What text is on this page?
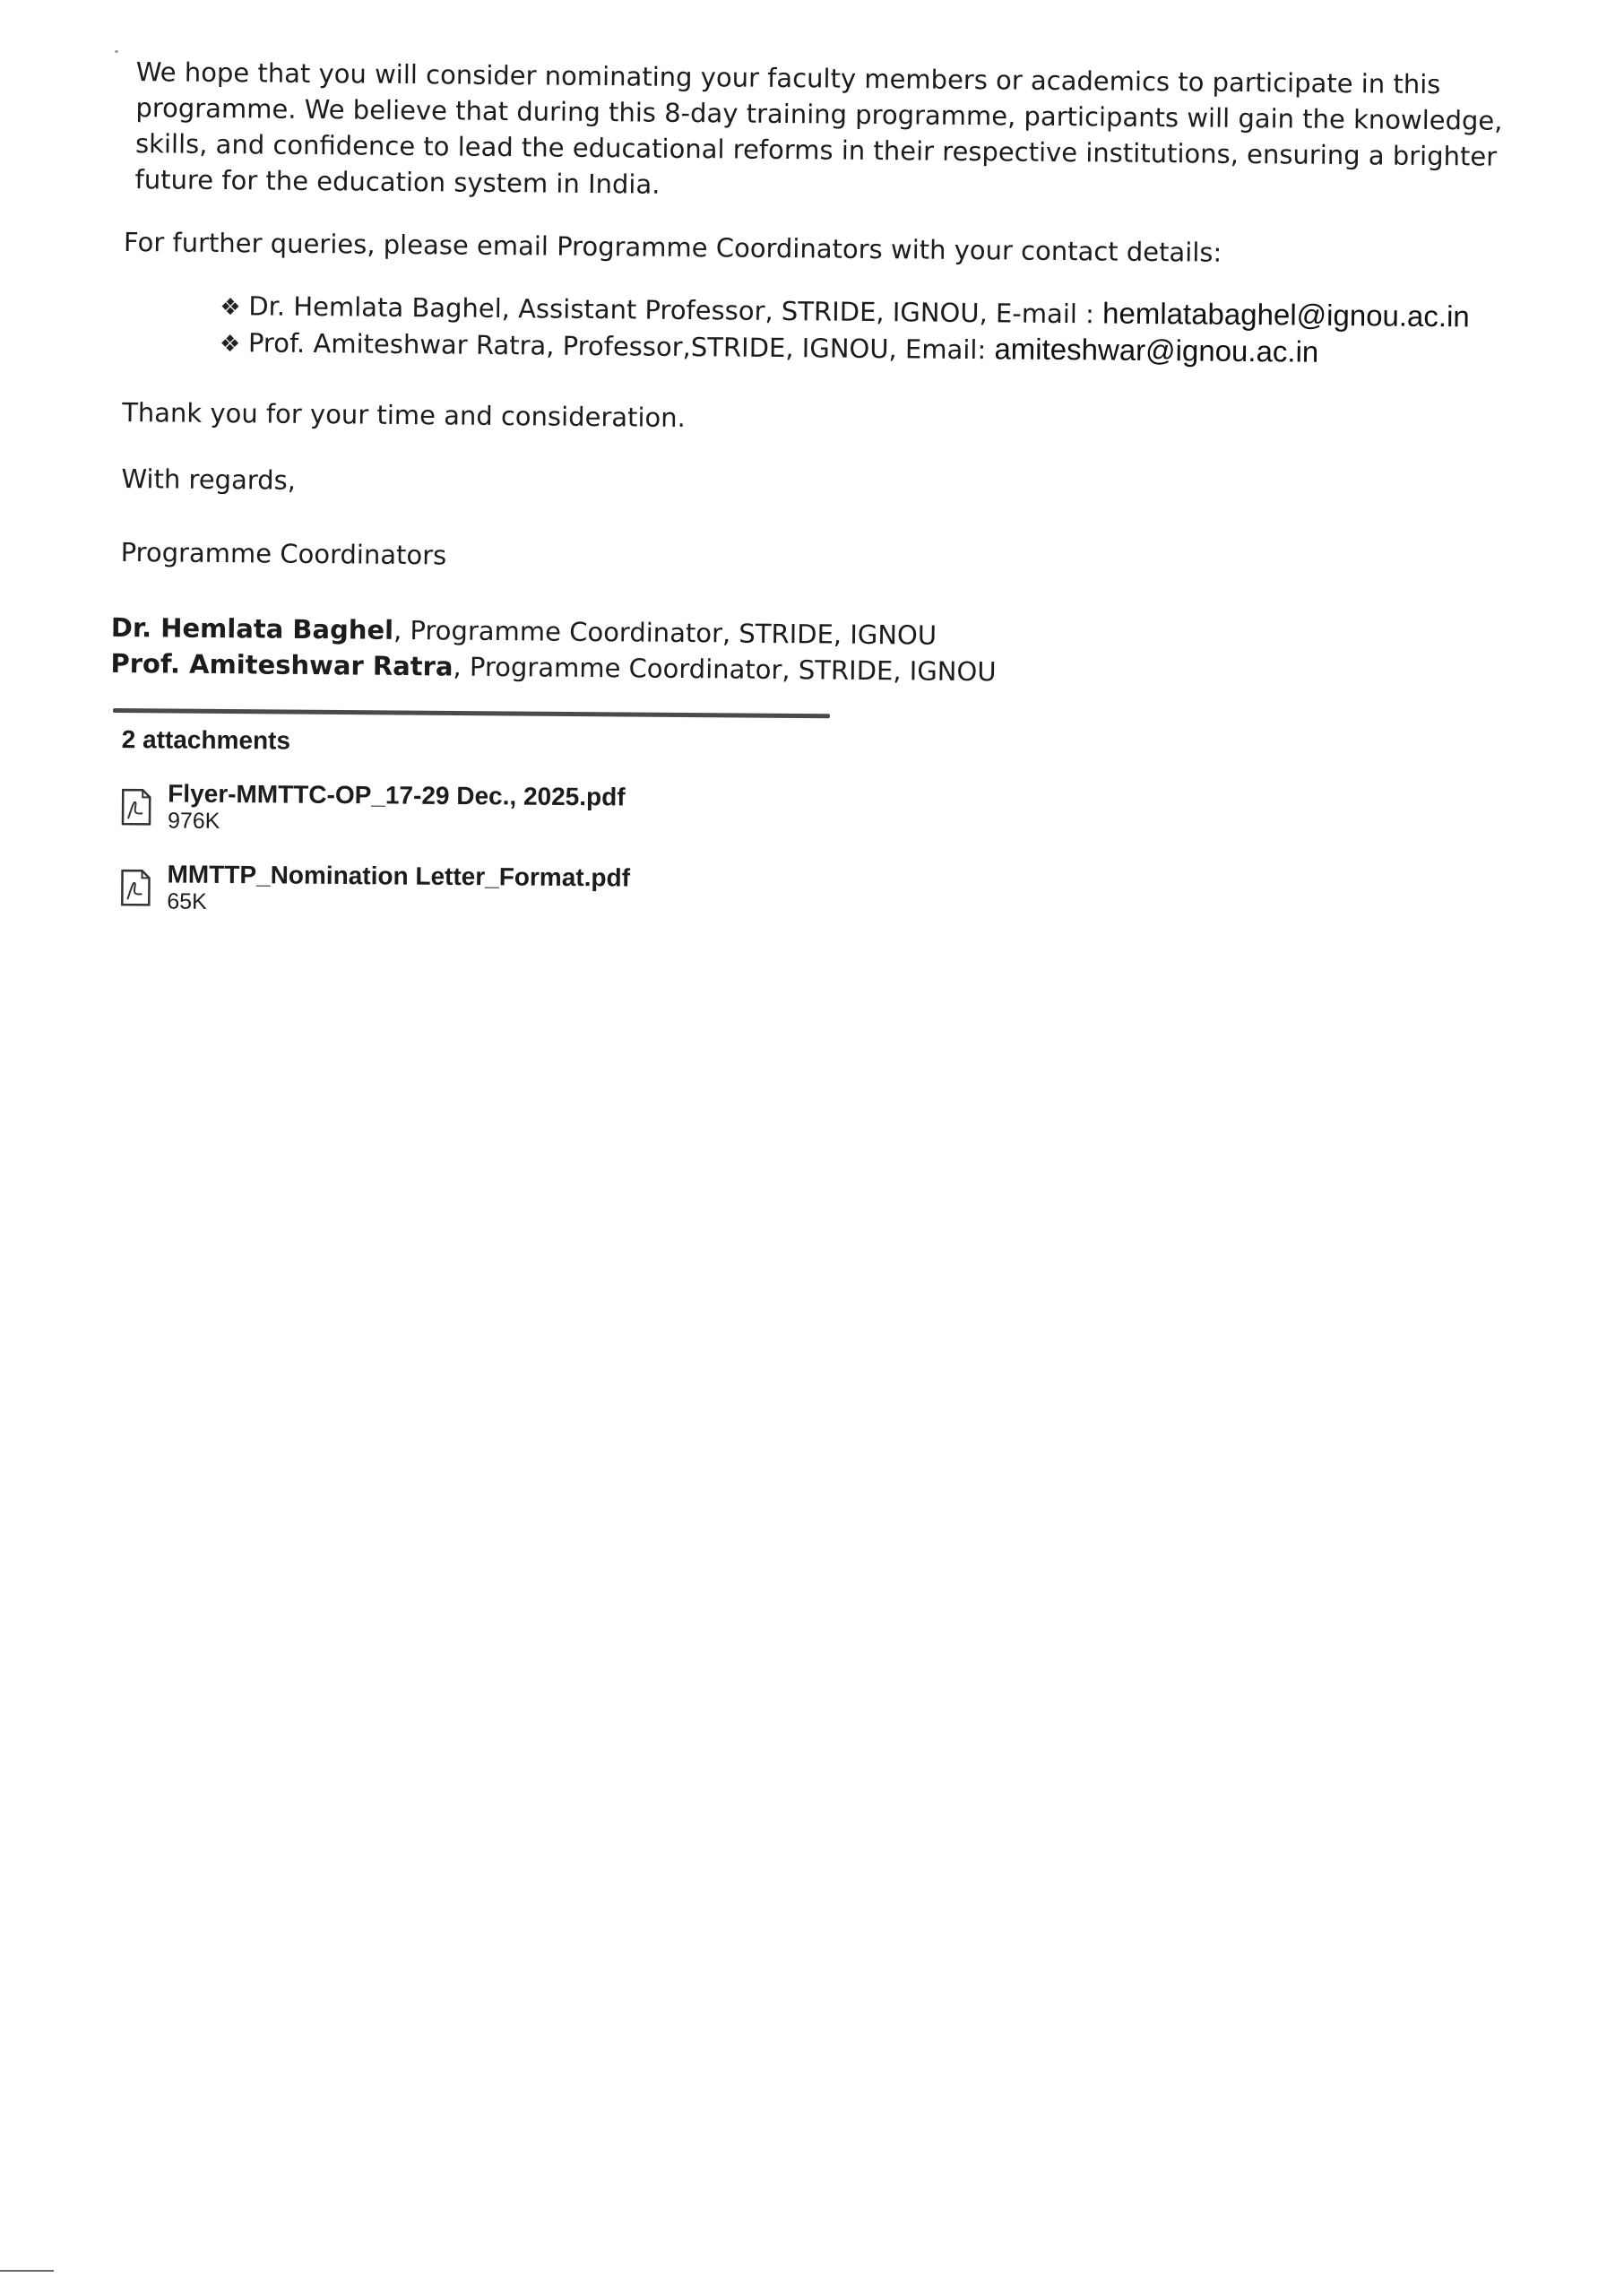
We hope that you will consider nominating your faculty members or academics to participate in this programme. We believe that during this 8-day training programme, participants will gain the knowledge, skills, and confidence to lead the educational reforms in their respective institutions, ensuring a brighter future for the education system in India.

For further queries, please email Programme Coordinators with your contact details:

❖ Dr. Hemlata Baghel, Assistant Professor, STRIDE, IGNOU, E-mail : hemlatabaghel@ignou.ac.in
❖ Prof. Amiteshwar Ratra, Professor,STRIDE, IGNOU, Email: amiteshwar@ignou.ac.in

Thank you for your time and consideration.

With regards,

Programme Coordinators

Dr. Hemlata Baghel, Programme Coordinator, STRIDE, IGNOU
Prof. Amiteshwar Ratra, Programme Coordinator, STRIDE, IGNOU
2 attachments
Flyer-MMTTC-OP_17-29 Dec., 2025.pdf
976K
MMTTP_Nomination Letter_Format.pdf
65K
